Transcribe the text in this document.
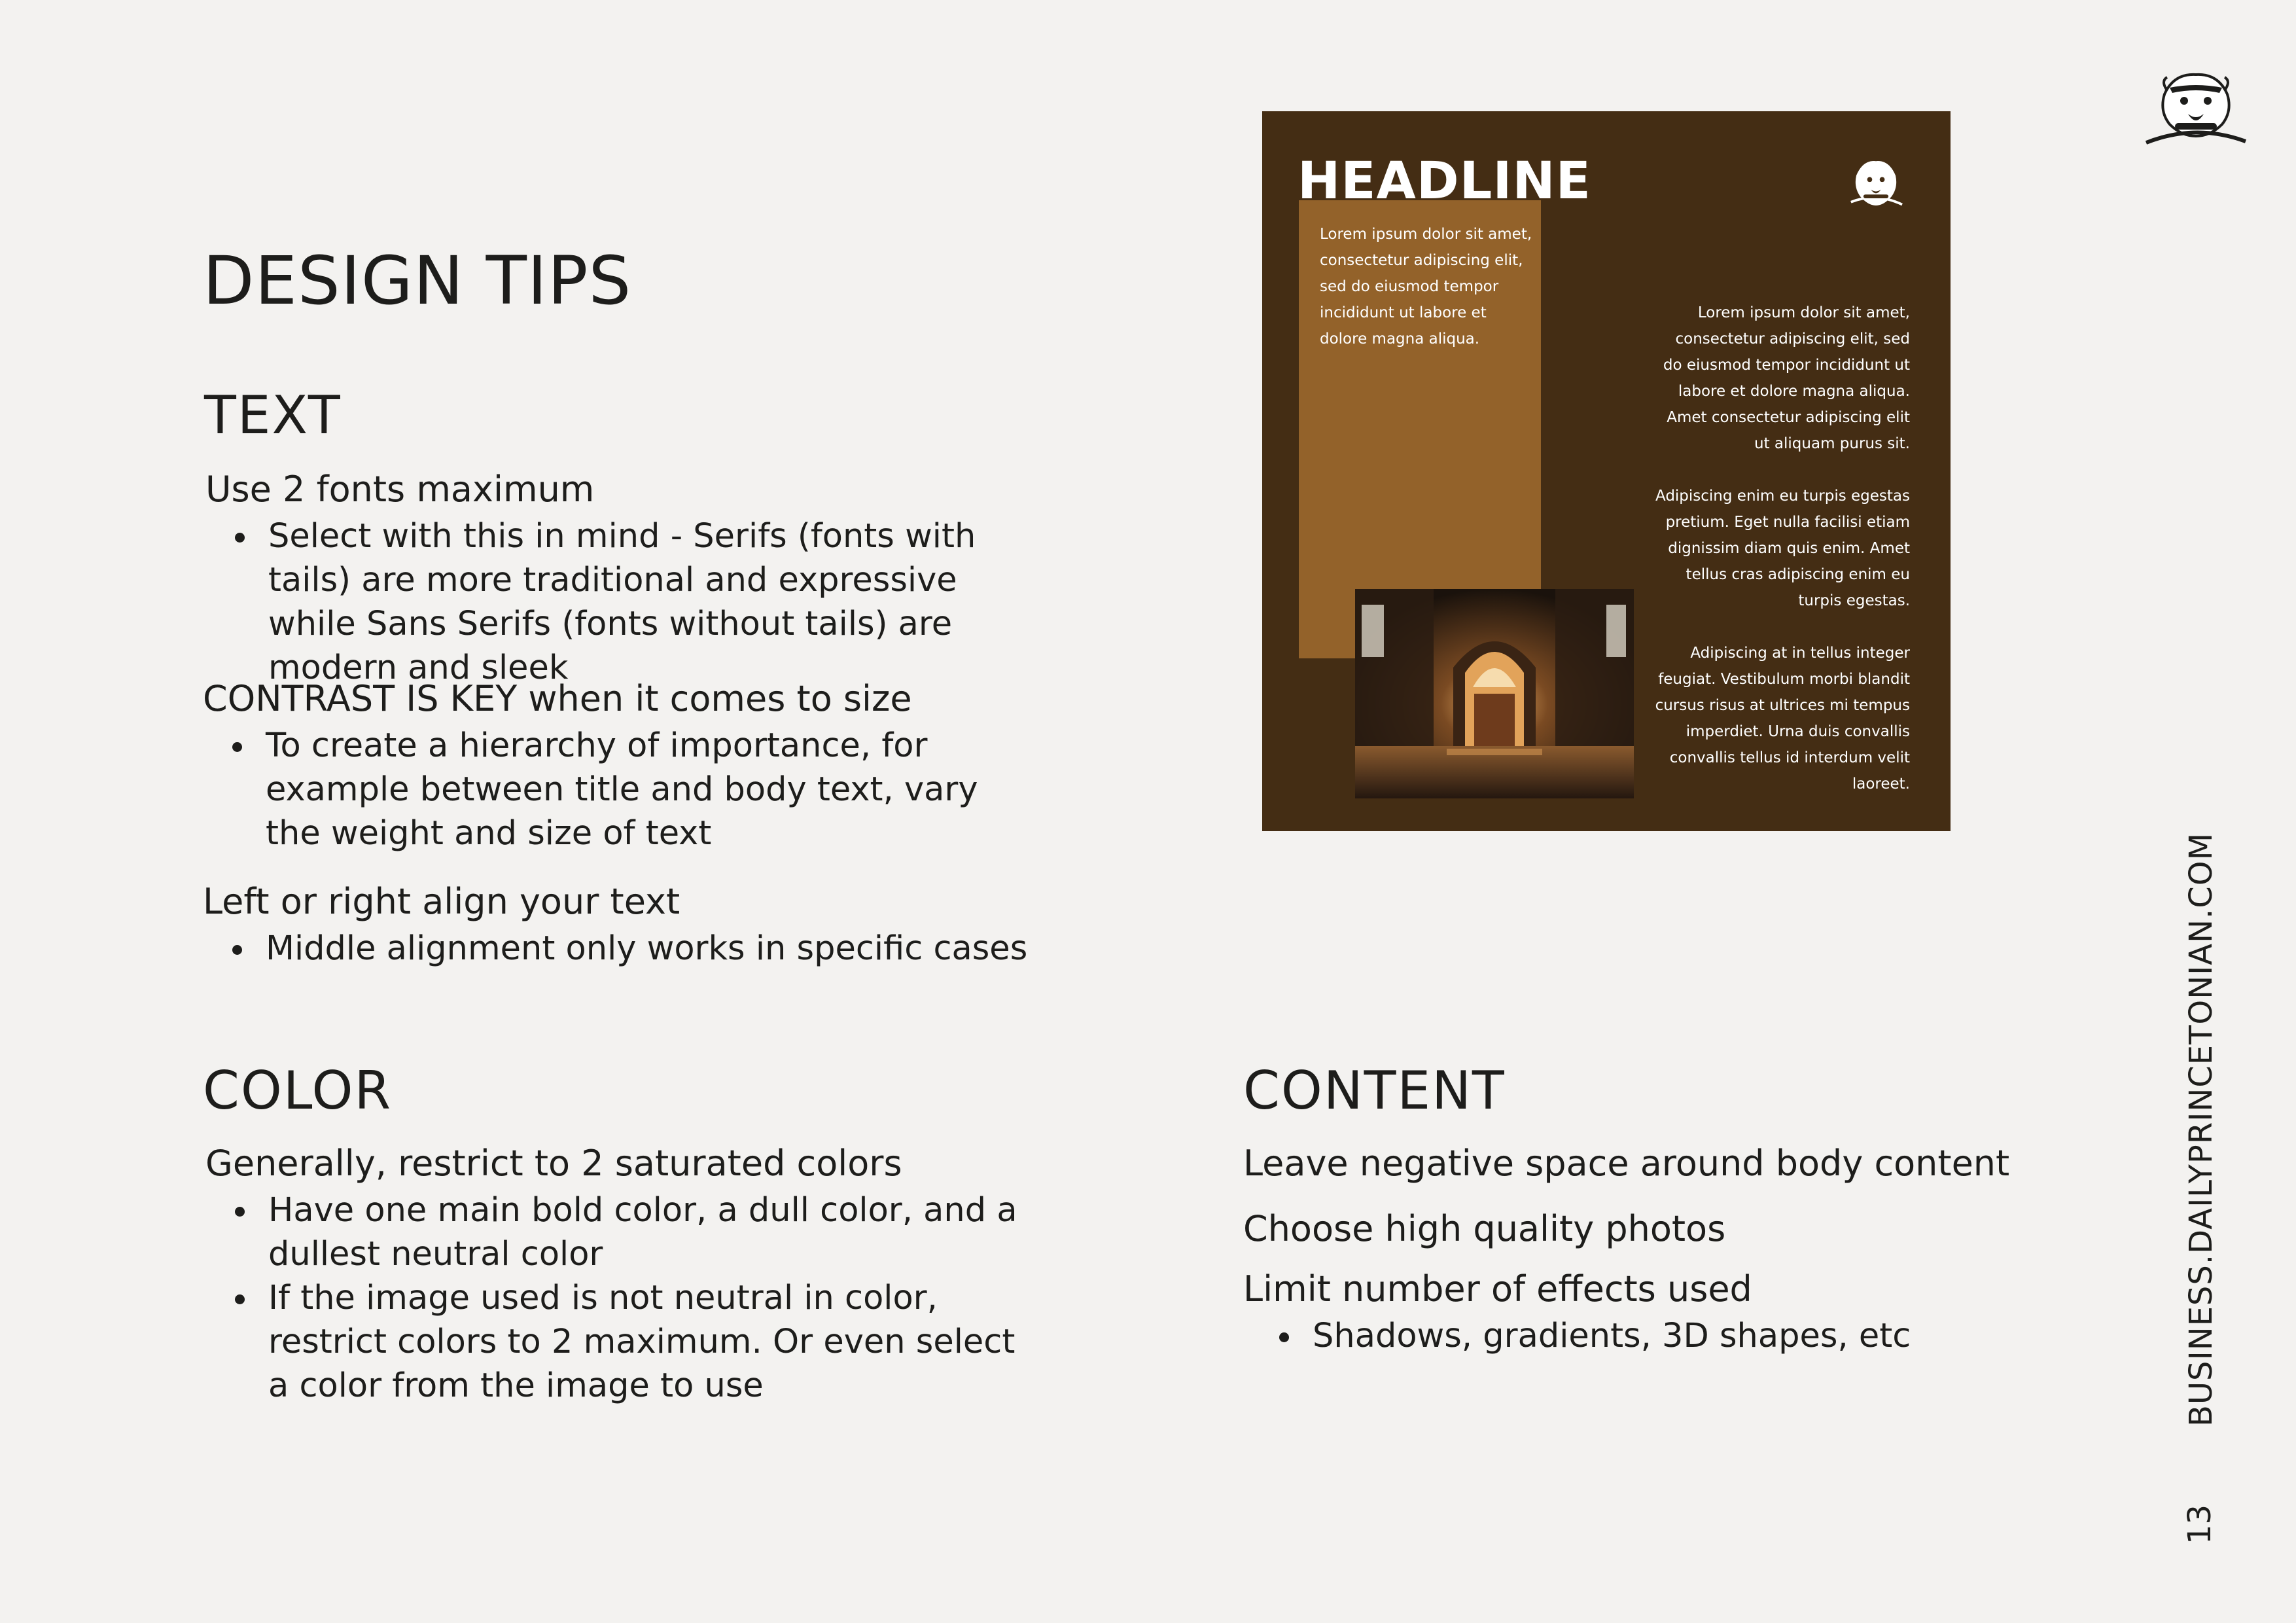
DESIGN TIPS
TEXT
Use 2 fonts maximum
• Select with this in mind - Serifs (fonts with tails) are more traditional and expressive while Sans Serifs (fonts without tails) are modern and sleek
CONTRAST IS KEY when it comes to size
• To create a hierarchy of importance, for example between title and body text, vary the weight and size of text
Left or right align your text
• Middle alignment only works in specific cases
COLOR
Generally, restrict to 2 saturated colors
• Have one main bold color, a dull color, and a dullest neutral color
• If the image used is not neutral in color, restrict colors to 2 maximum. Or even select a color from the image to use
CONTENT
Leave negative space around body content
Choose high quality photos
Limit number of effects used
• Shadows, gradients, 3D shapes, etc
HEADLINE
Lorem ipsum dolor sit amet, consectetur adipiscing elit, sed do eiusmod tempor incididunt ut labore et dolore magna aliqua.

Lorem ipsum dolor sit amet, consectetur adipiscing elit, sed do eiusmod tempor incididunt ut labore et dolore magna aliqua. Amet consectetur adipiscing elit ut aliquam purus sit.

Adipiscing enim eu turpis egestas pretium. Eget nulla facilisi etiam dignissim diam quis enim. Amet tellus cras adipiscing enim eu turpis egestas.

Adipiscing at in tellus integer feugiat. Vestibulum morbi blandit cursus risus at ultrices mi tempus imperdiet. Urna duis convallis convallis tellus id interdum velit laoreet.

BUSINESS.DAILYPRINCETONIAN.COM
13
